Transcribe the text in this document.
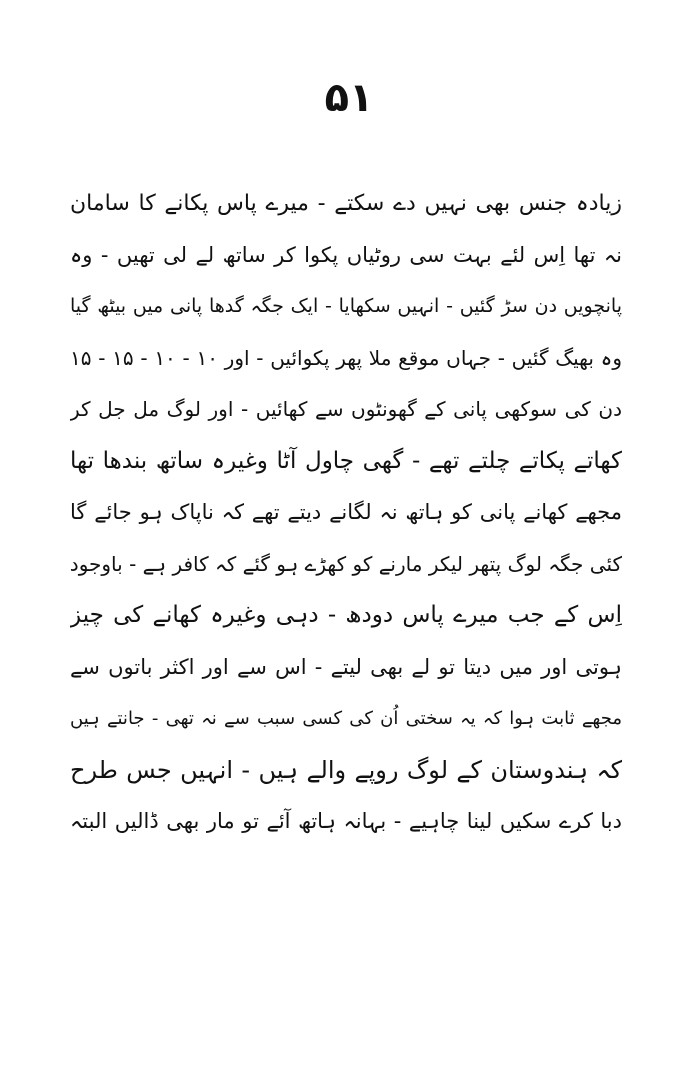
۵۱
زیادہ جنس بھی نہیں دے سکتے - میرے پاس پکانے کا سامان
نہ تھا اِس لئے بہت سی روٹیاں پکوا کر ساتھ لے لی تھیں - وہ
پانچویں دن سڑ گئیں - انہیں سکھایا - ایک جگہ گدھا پانی میں بیٹھ گیا
وہ بھیگ گئیں - جہاں موقع ملا پھر پکوائیں - اور ۱۰ - ۱۰ - ۱۵ - ۱۵
دن کی سوکھی پانی کے گھونٹوں سے کھائیں - اور لوگ مل جل کر
کھاتے پکاتے چلتے تھے - گھی چاول آٹا وغیرہ ساتھ بندھا تھا
مجھے کھانے پانی کو ہاتھ نہ لگانے دیتے تھے کہ ناپاک ہو جائے گا
کئی جگہ لوگ پتھر لیکر مارنے کو کھڑے ہو گئے کہ کافر ہے - باوجود
اِس کے جب میرے پاس دودھ - دہی وغیرہ کھانے کی چیز
ہوتی اور میں دیتا تو لے بھی لیتے - اس سے اور اکثر باتوں سے
مجھے ثابت ہوا کہ یہ سختی اُن کی کسی سبب سے نہ تھی - جانتے ہیں
کہ ہندوستان کے لوگ روپے والے ہیں - انہیں جس طرح
دبا کرے سکیں لینا چاہیے - بہانہ ہاتھ آئے تو مار بھی ڈالیں البتہ
